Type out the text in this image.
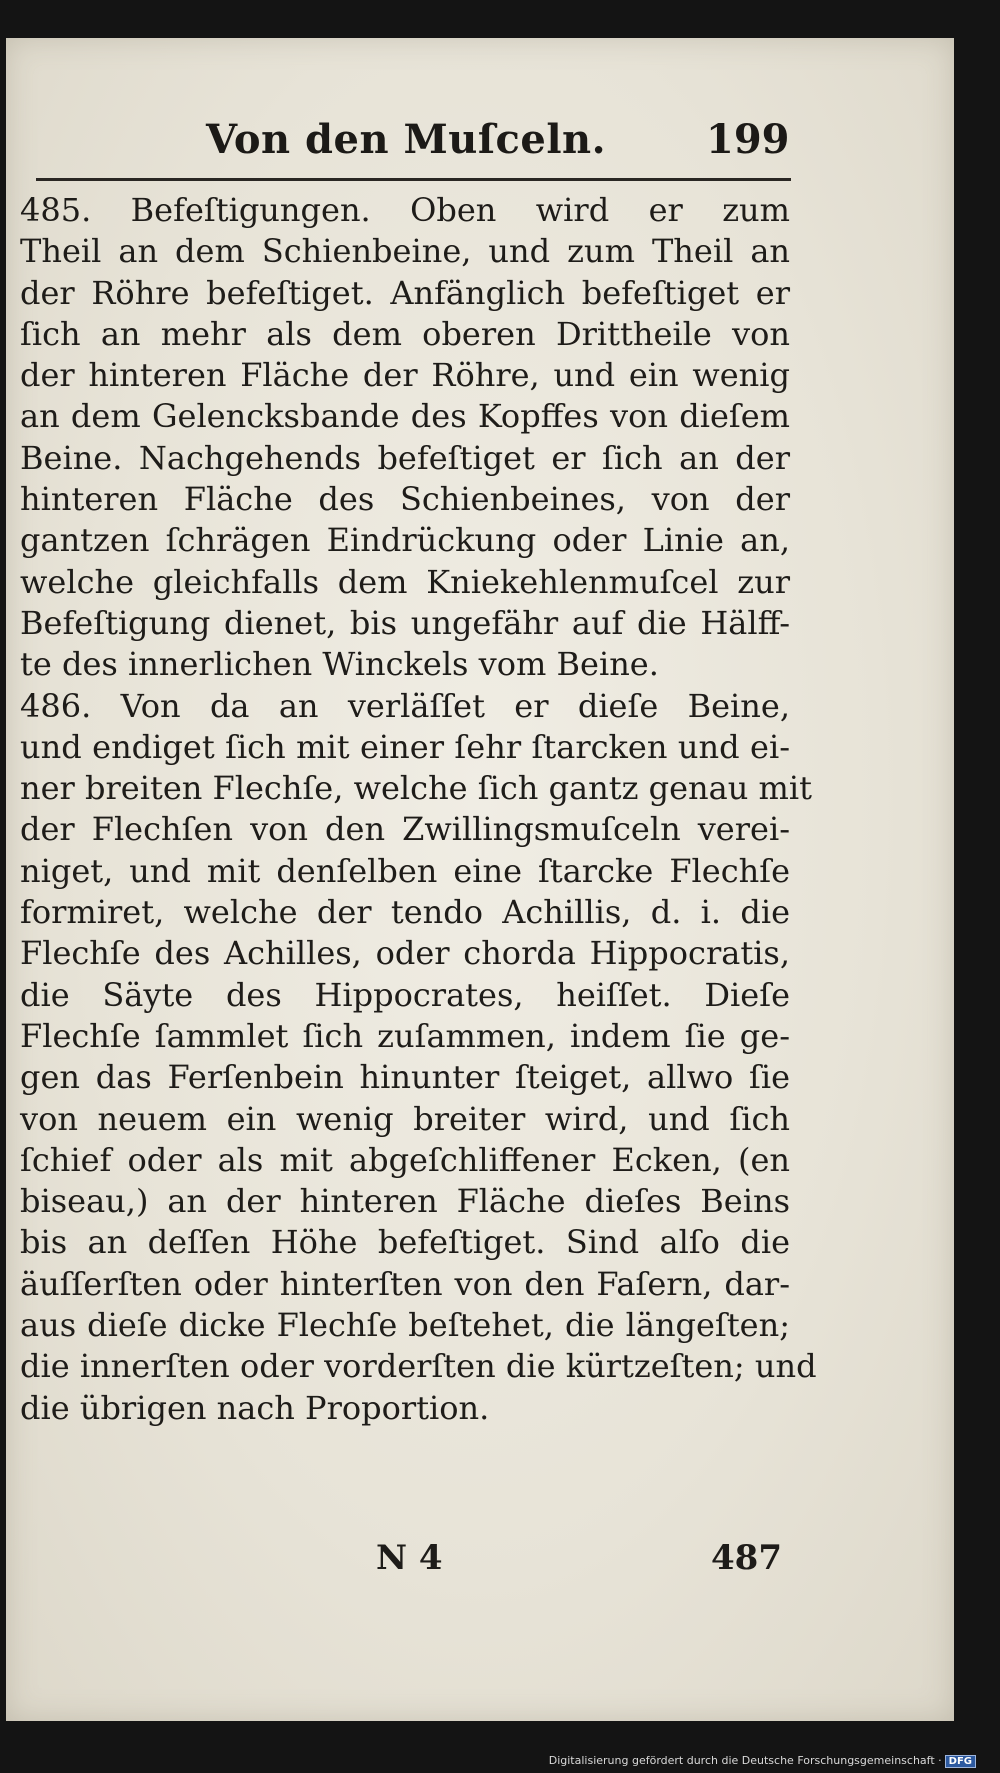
Von den Muſceln. 199
485. Befeſtigungen. Oben wird er zum
Theil an dem Schienbeine, und zum Theil an
der Röhre befeſtiget. Anfänglich befeſtiget er
ſich an mehr als dem oberen Drittheile von
der hinteren Fläche der Röhre, und ein wenig
an dem Gelencksbande des Kopffes von dieſem
Beine. Nachgehends befeſtiget er ſich an der
hinteren Fläche des Schienbeines, von der
gantzen ſchrägen Eindrückung oder Linie an,
welche gleichfalls dem Kniekehlenmuſcel zur
Befeſtigung dienet, bis ungefähr auf die Hälff-
te des innerlichen Winckels vom Beine.
486. Von da an verläſſet er dieſe Beine,
und endiget ſich mit einer ſehr ſtarcken und ei-
ner breiten Flechſe, welche ſich gantz genau mit
der Flechſen von den Zwillingsmuſceln verei-
niget, und mit denſelben eine ſtarcke Flechſe
formiret, welche der tendo Achillis, d. i. die
Flechſe des Achilles, oder chorda Hippocratis,
die Säyte des Hippocrates, heiſſet. Dieſe
Flechſe ſammlet ſich zuſammen, indem ſie ge-
gen das Ferſenbein hinunter ſteiget, allwo ſie
von neuem ein wenig breiter wird, und ſich
ſchief oder als mit abgeſchliffener Ecken, (en
biseau,) an der hinteren Fläche dieſes Beins
bis an deſſen Höhe befeſtiget. Sind alſo die
äuſſerſten oder hinterſten von den Faſern, dar-
aus dieſe dicke Flechſe beſtehet, die längeſten;
die innerſten oder vorderſten die kürtzeſten; und
die übrigen nach Proportion.
N 4	487
Digitalisierung gefördert durch die Deutsche Forschungsgemeinschaft · DFG
